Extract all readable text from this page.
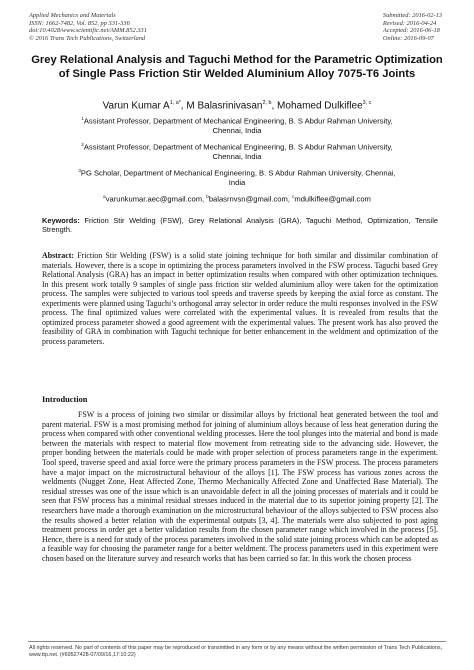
Applied Mechanics and Materials
ISSN: 1662-7482, Vol. 852, pp 331-336
doi:10.4028/www.scientific.net/AMM.852.331
© 2016 Trans Tech Publications, Switzerland
Submitted: 2016-02-13
Revised: 2016-04-24
Accepted: 2016-06-18
Online: 2016-09-07
Grey Relational Analysis and Taguchi Method for the Parametric Optimization of Single Pass Friction Stir Welded Aluminium Alloy 7075-T6 Joints
Varun Kumar $A^{1, a*}$, M Balasrinivasan$^{2, b}$, Mohamed Dulkiflee$^{3, c}$
$^1$Assistant Professor, Department of Mechanical Engineering, B. S Abdur Rahman University,
Chennai, India
$^2$Assistant Professor, Department of Mechanical Engineering, B. S Abdur Rahman University,
Chennai, India
$^3$PG Scholar, Department of Mechanical Engineering, B. S Abdur Rahman University, Chennai,
India
$^a$varunkumar.aec@gmail.com, $^b$balasrnvsn@gmail.com, $^c$mdulkiflee@gmail.com
Keywords: Friction Stir Welding (FSW), Grey Relational Analysis (GRA), Taguchi Method, Optimization, Tensile Strength.
Abstract: Friction Stir Welding (FSW) is a solid state joining technique for both similar and dissimilar combination of materials. However, there is a scope in optimizing the process parameters involved in the FSW process. Taguchi based Grey Relational Analysis (GRA) has an impact in better optimization results when compared with other optimization techniques. In this present work totally 9 samples of single pass friction stir welded aluminium alloy were taken for the optimization process. The samples were subjected to various tool speeds and traverse speeds by keeping the axial force as constant. The experiments were planned using Taguchi’s orthogonal array selector in order reduce the multi responses involved in the FSW process. The final optimized values were correlated with the experimental values. It is revealed from results that the optimized process parameter showed a good agreement with the experimental values. The present work has also proved the feasibility of GRA in combination with Taguchi technique for better enhancement in the weldment and optimization of the process parameters.
Introduction
FSW is a process of joining two similar or dissimilar alloys by frictional heat generated between the tool and parent material. FSW is a most promising method for joining of aluminium alloys because of less heat generation during the process when compared with other conventional welding processes. Here the tool plunges into the material and bond is made between the materials with respect to material flow movement from retreating side to the advancing side. However, the proper bonding between the materials could be made with proper selection of process parameters range in the experiment. Tool speed, traverse speed and axial force were the primary process parameters in the FSW process. The process parameters have a major impact on the microstructural behaviour of the alloys [1]. The FSW process has various zones across the weldments (Nugget Zone, Heat Affected Zone, Thermo Mechanically Affected Zone and Unaffected Base Material). The residual stresses was one of the issue which is an unavoidable defect in all the joining processes of materials and it could be seen that FSW process has a minimal residual stresses induced in the material due to its superior joining property [2]. The researchers have made a thorough examination on the microstructural behaviour of the alloys subjected to FSW process also the results showed a better relation with the experimental outputs [3, 4]. The materials were also subjected to post aging treatment process in order get a better validation results from the chosen parameter range which involved in the process [5]. Hence, there is a need for study of the process parameters involved in the solid state joining process which can be adopted as a feasible way for choosing the parameter range for a better weldment. The process parameters used in this experiment were chosen based on the literature survey and research works that has been carried so far. In this work the chosen process
All rights reserved. No part of contents of this paper may be reproduced or transmitted in any form or by any means without the written permission of Trans Tech Publications, www.ttp.net. (#69527428-07/09/16,17:10:22)
